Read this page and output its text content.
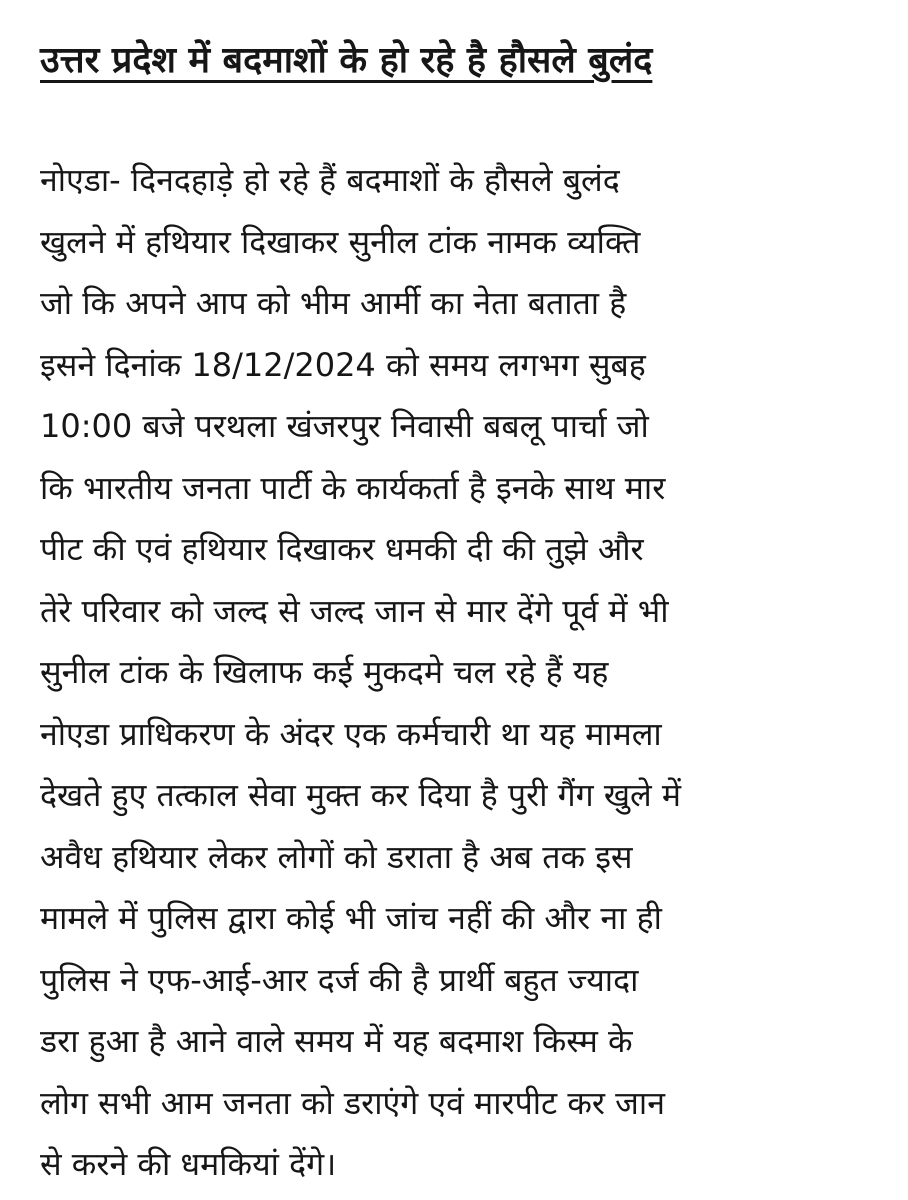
उत्तर प्रदेश में बदमाशों के हो रहे है हौसले बुलंद
नोएडा- दिनदहाड़े हो रहे हैं बदमाशों के हौसले बुलंद
खुलने में हथियार दिखाकर सुनील टांक नामक व्यक्ति
जो कि अपने आप को भीम आर्मी का नेता बताता है
इसने दिनांक 18/12/2024 को समय लगभग सुबह
10:00 बजे परथला खंजरपुर निवासी बबलू पार्चा जो
कि भारतीय जनता पार्टी के कार्यकर्ता है इनके साथ मार
पीट की एवं हथियार दिखाकर धमकी दी की तुझे और
तेरे परिवार को जल्द से जल्द जान से मार देंगे पूर्व में भी
सुनील टांक के खिलाफ कई मुकदमे चल रहे हैं यह
नोएडा प्राधिकरण के अंदर एक कर्मचारी था यह मामला
देखते हुए तत्काल सेवा मुक्त कर दिया है पुरी गैंग खुले में
अवैध हथियार लेकर लोगों को डराता है अब तक इस
मामले में पुलिस द्वारा कोई भी जांच नहीं की और ना ही
पुलिस ने एफ-आई-आर दर्ज की है प्रार्थी बहुत ज्यादा
डरा हुआ है आने वाले समय में यह बदमाश किस्म के
लोग सभी आम जनता को डराएंगे एवं मारपीट कर जान
से करने की धमकियां देंगे।
